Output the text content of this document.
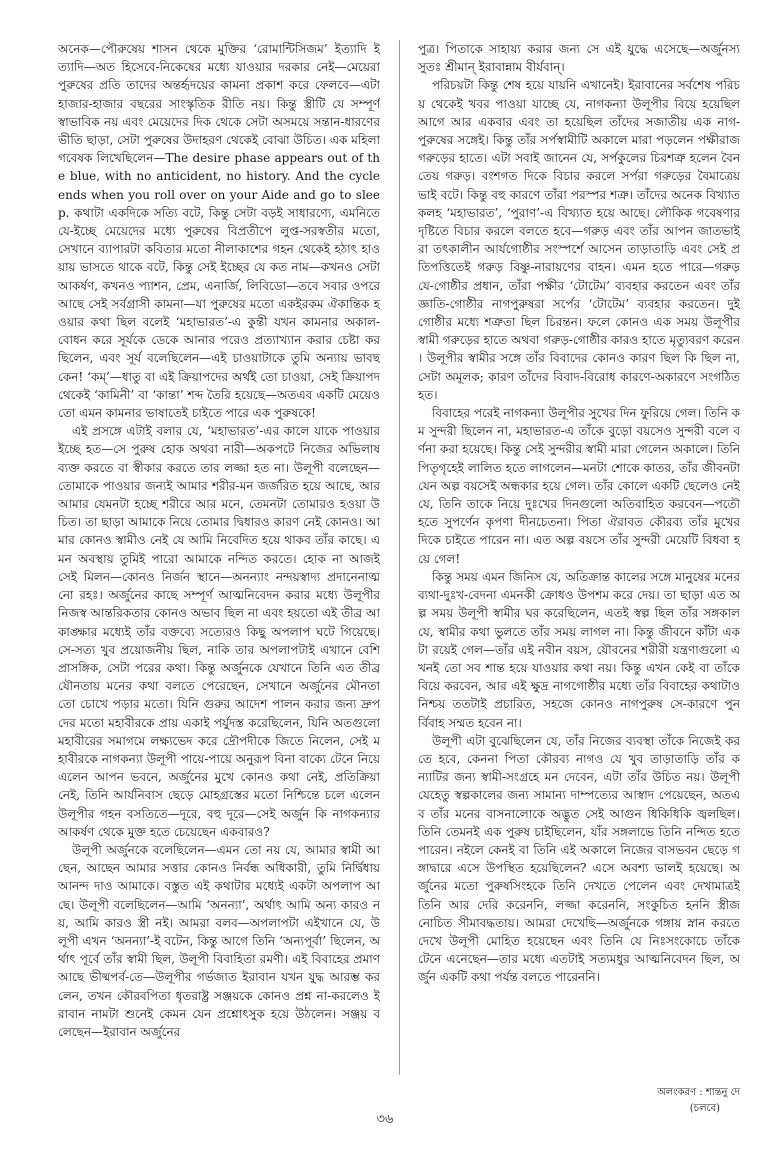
অনেক—পৌরুষেয় শাসন থেকে মুক্তির ‘রোমান্টিসিজম’ ইত্যাদি ইত্যাদি—অত হিসেবে-নিকেষের মধ্যে যাওয়ার দরকার নেই—মেয়েরা পুরুষের প্রতি তাদের অন্তর্হৃদয়ের কামনা প্রকাশ করে ফেলবে—এটা হাজার-হাজার বছরের সাংস্কৃতিক রীতি নয়। কিন্তু স্ত্রীটি যে সম্পূর্ণ স্বাভাবিক নয় এবং মেয়েদের দিক থেকে সেটা অসময়ে সন্তান-ধারণের ভীতি ছাড়া, সেটা পুরুষের উদাহরণ থেকেই বোঝা উচিত। এক মহিলা গবেষক লিখেছিলেন—The desire phase appears out of the blue, with no anticident, no history. And the cycle ends when you roll over on your Aide and go to sleep. কথাটা একদিকে সত্যি বটে, কিন্তু সেটা বড়ই সাধারণ্যে, এমনিতে যে-ইচ্ছে মেয়েদের মধ্যে পুরুষের বিপ্রতীপে লুপ্ত-সরস্বতীর মতো, সেখানে ব্যাপারটা কবিতার মতো নীলাকাশের গহন থেকেই হঠাৎ হাওয়ায় ভাসতে থাকে বটে, কিন্তু সেই ইচ্ছের যে কত নাম—কখনও সেটা আকর্ষণ, কখনও প্যাশন, প্রেম, এনার্জি, লিবিডো—তবে সবার ওপরে আছে সেই সর্বগ্রাসী কামনা—যা পুরুষের মতো একইরকম ঐকান্তিক হওয়ার কথা ছিল বলেই ‘মহাভারত’-এ কুন্তী যখন কামনার অকাল-বোধন করে সূর্যকে ডেকে আনার পরেও প্রত্যাখ্যান করার চেষ্টা করছিলেন, এবং সূর্য বলেছিলেন—এই চাওয়াটাকে তুমি অন্যায় ভাবছ কেন! ‘কম্’—ধাতু বা এই ক্রিয়াপদের অর্থই তো চাওয়া, সেই ক্রিয়াপদ থেকেই ‘কামিনী’ বা ‘কান্তা’ শব্দ তৈরি হয়েছে—অতএব একটি মেয়েও তো এমন কামনার ভাষাতেই চাইতে পারে এক পুরুষকে!

এই প্রসঙ্গে এটাই বলার যে, ‘মহাভারত’-এর কালে যাকে পাওয়ার ইচ্ছে হত—সে পুরুষ হোক অথবা নারী—অকপটে নিজের অভিলাষ ব্যক্ত করতে বা স্বীকার করতে তার লজ্জা হত না। উলূপী বলেছেন—তোমাকে পাওয়ার জন্যই আমার শরীর-মন জর্জরিত হয়ে আছে, আর আমার যেমনটা হচ্ছে শরীরে আর মনে, তেমনটা তোমারও হওয়া উচিত। তা ছাড়া আমাকে নিয়ে তোমার দ্বিধারও কারণ নেই কোনও। আমার কোনও স্বামীও নেই যে আমি নিবেদিত হয়ে থাকব তাঁর কাছে। এমন অবস্থায় তুমিই পারো আমাকে নন্দিত করতে। হোক না আজই সেই মিলন—কোনও নির্জন স্থানে—অনন্যাং নন্দয়স্বাদ্য প্রদানেনাত্মনো রহঃ। অর্জুনের কাছে সম্পূর্ণ আত্মনিবেদন করার মধ্যে উলূপীর নিজস্ব আন্তরিকতার কোনও অভাব ছিল না এবং হয়তো এই তীব্র আকাঙ্ক্ষার মধ্যেই তাঁর বক্তব্যে সত্যেরও কিছু অপলাপ ঘটে গিয়েছে। সে-সত্য খুব প্রয়োজনীয় ছিল, নাকি তার অপলাপটাই এখানে বেশি প্রাসঙ্গিক, সেটা পরের কথা। কিন্তু অর্জুনকে যেখানে তিনি এত তীব্র যৌনতায় মনের কথা বলতে পেরেছেন, সেখানে অর্জুনের মৌনতা তো চোখে পড়ার মতো। যিনি গুরুর আদেশ পালন করার জন্য দ্রুপদের মতো মহাবীরকে প্রায় একাই পর্যুদস্ত করেছিলেন, যিনি অতগুলো মহাবীরের সমাগমে লক্ষ্যভেদ করে দ্রৌপদীকে জিতে নিলেন, সেই মহাবীরকে নাগকন্যা উলূপী পায়ে-পায়ে অনুরূপ বিনা বাক্যে টেনে নিয়ে এলেন আপন ভবনে, অর্জুনের মুখে কোনও কথা নেই, প্রতিক্রিয়া নেই, তিনি আর্যনিবাস ছেড়ে মোহগ্রস্তের মতো নিশ্চিন্তে চলে এলেন উলূপীর গহন বসতিতে—দূরে, বহু দূরে—সেই অর্জুন কি নাগকন্যার আকর্ষণ থেকে মুক্ত হতে চেয়েছেন একবারও?

উলূপী অর্জুনকে বলেছিলেন—এমন তো নয় যে, আমার স্বামী আছেন, আছেন আমার সত্তার কোনও নির্বন্ধ অধিকারী, তুমি নির্দ্বিধায় আনন্দ দাও আমাকে। বস্তুত এই কথাটার মধ্যেই একটা অপলাপ আছে। উলূপী বলেছিলেন—আমি ‘অনন্যা’, অর্থাৎ আমি অন্য কারও নয়, আমি কারও স্ত্রী নই। আমরা বলব—অপলাপটা এইখানে যে, উলূপী এখন ‘অনন্যা’-ই বটেন, কিন্তু আগে তিনি ‘অন্যপূর্বা’ ছিলেন, অর্থাৎ পূর্বে তাঁর স্বামী ছিল, উলূপী বিবাহিতা রমণী। এই বিবাহের প্রমাণ আছে ভীষ্মপর্ব-তে—উলূপীর গর্ভজাত ইরাবান যখন যুদ্ধ আরম্ভ করলেন, তখন কৌরবপিতা ধৃতরাষ্ট্র সঞ্জয়কে কোনও প্রশ্ন না-করলেও ইরাবান নামটা শুনেই কেমন যেন প্রশ্নোৎসুক হয়ে উঠলেন। সঞ্জয় বলেছেন—ইরাবান অর্জুনের

পুত্র। পিতাকে সাহায্য করার জন্য সে এই যুদ্ধে এসেছে—অর্জুনস্য সুতঃ শ্রীমান্ ইরাবান্নাম বীর্যবান্।

পরিচয়টা কিন্তু শেষ হয়ে যায়নি এখানেই। ইরাবানের সর্বশেষ পরিচয় থেকেই খবর পাওয়া যাচ্ছে যে, নাগকন্যা উলূপীর বিয়ে হয়েছিল আগে আর একবার এবং তা হয়েছিল তাঁদের সজাতীয় এক নাগ-পুরুষের সঙ্গেই। কিন্তু তাঁর সর্পস্বামীটি অকালে মারা পড়লেন পক্ষীরাজ গরুড়ের হাতে। এটা সবাই জানেন যে, সর্পকুলের চিরশত্রু হলেন বৈনতেয় গরুড়। বংশগত দিকে বিচার করলে সর্পরা গরুড়ের বৈমাত্রেয় ভাই বটে। কিন্তু বহু কারণে তাঁরা পরস্পর শত্রু। তাঁদের অনেক বিখ্যাত কলহ ‘মহাভারত’, ‘পুরাণ’-এ বিখ্যাত হয়ে আছে। লৌকিক গবেষণার দৃষ্টিতে বিচার করলে বলতে হবে—গরুড় এবং তাঁর আপন জাতভাইরা তৎকালীন আর্যগোষ্ঠীর সংস্পর্শে আসেন তাড়াতাড়ি এবং সেই প্রতিপত্তিতেই গরুড় বিষ্ণু-নারায়ণের বাহন। এমন হতে পারে—গরুড় যে-গোষ্ঠীর প্রধান, তাঁরা পক্ষীর ‘টোটেম’ ব্যবহার করতেন এবং তাঁর জ্ঞাতি-গোষ্ঠীর নাগপুরুষরা সর্পের ‘টোটেম’ ব্যবহার করতেন। দুই গোষ্ঠীর মধ্যে শত্রুতা ছিল চিরন্তন। ফলে কোনও এক সময় উলূপীর স্বামী গরুড়ের হাতে অথবা গরুড়-গোষ্ঠীর কারও হাতে মৃত্যুবরণ করেন। উলূপীর স্বামীর সঙ্গে তাঁর বিবাদের কোনও কারণ ছিল কি ছিল না, সেটা অমূলক; কারণ তাঁদের বিবাদ-বিরোধ কারণে-অকারণে সংগঠিত হত।

বিবাহের পরেই নাগকন্যা উলূপীর সুখের দিন ফুরিয়ে গেল। তিনি কম সুন্দরী ছিলেন না, মহাভারত-এ তাঁকে বুড়ো বয়সেও সুন্দরী বলে বর্ণনা করা হয়েছে। কিন্তু সেই সুন্দরীর স্বামী মারা গেলেন অকালে। তিনি পিতৃগৃহেই লালিত হতে লাগলেন—মনটা শোকে কাতর, তাঁর জীবনটা যেন অল্প বয়সেই অন্ধকার হয়ে গেল। তাঁর কোলে একটি ছেলেও নেই যে, তিনি তাকে নিয়ে দুঃখের দিনগুলো অতিবাহিত করবেন—পতৌ হতে সুপর্ণেন কৃপণা দীনচেতনা। পিতা ঐরাবত কৌরব্য তাঁর মুখের দিকে চাইতে পারেন না। এত অল্প বয়সে তাঁর সুন্দরী মেয়েটি বিধবা হয়ে গেল!

কিন্তু সময় এমন জিনিস যে, অতিক্রান্ত কালের সঙ্গে মানুষের মনের ব্যথা-দুঃখ-বেদনা এমনকী ক্রোধও উপশম করে দেয়। তা ছাড়া এত অল্প সময় উলূপী স্বামীর ঘর করেছিলেন, এতই স্বল্প ছিল তাঁর সঙ্গকাল যে, স্বামীর কথা ভুলতে তাঁর সময় লাগল না। কিন্তু জীবনে কাঁটা একটা রয়েই গেল—তাঁর এই নবীন বয়স, যৌবনের শরীরী যন্ত্রণাগুলো এখনই তো সব শান্ত হয়ে যাওয়ার কথা নয়। কিন্তু এখন কেই বা তাঁকে বিয়ে করবেন, আর এই ক্ষুদ্র নাগগোষ্ঠীর মধ্যে তাঁর বিবাহের কথাটাও নিশ্চয় ততটাই প্রচারিত, সহজে কোনও নাগপুরুষ সে-কারণে পুনর্বিবাহ সম্মত হবেন না।

উলূপী এটা বুঝেছিলেন যে, তাঁর নিজের ব্যবস্থা তাঁকে নিজেই করতে হবে, কেননা পিতা কৌরব্য নাগও যে খুব তাড়াতাড়ি তাঁর কন্যাটির জন্য স্বামী-সংগ্রহে মন দেবেন, এটা তাঁর উচিত নয়। উলূপী যেহেতু স্বল্পকালের জন্য সামান্য দাম্পত্যের আস্বাদ পেয়েছেন, অতএব তাঁর মনের বাসনালোকে অদ্ভুত সেই আগুন ধিকিধিকি জ্বলছিল। তিনি তেমনই এক পুরুষ চাইছিলেন, যাঁর সঙ্গলাভে তিনি নন্দিত হতে পারেন। নইলে কেনই বা তিনি এই অকালে নিজের বাসভবন ছেড়ে গঙ্গাদ্বারে এসে উপস্থিত হয়েছিলেন? এসে অবশ্য ভালই হয়েছে। অর্জুনের মতো পুরুষসিংহকে তিনি দেখতে পেলেন এবং দেখামাত্রই তিনি আর দেরি করেননি, লজ্জা করেননি, সংকুচিত হননি স্ত্রীজনোচিত সীমাবদ্ধতায়। আমরা দেখেছি—অর্জুনকে গঙ্গায় স্নান করতে দেখে উলূপী মোহিত হয়েছেন এবং তিনি যে নিঃসংকোচে তাঁকে টেনে এনেছেন—তার মধ্যে এতটাই সত্যমধুর আত্মনিবেদন ছিল, অর্জুন একটি কথা পর্যন্ত বলতে পারেননি।

অলংকরণ : শান্তনু দে
(চলবে)
৩৬
